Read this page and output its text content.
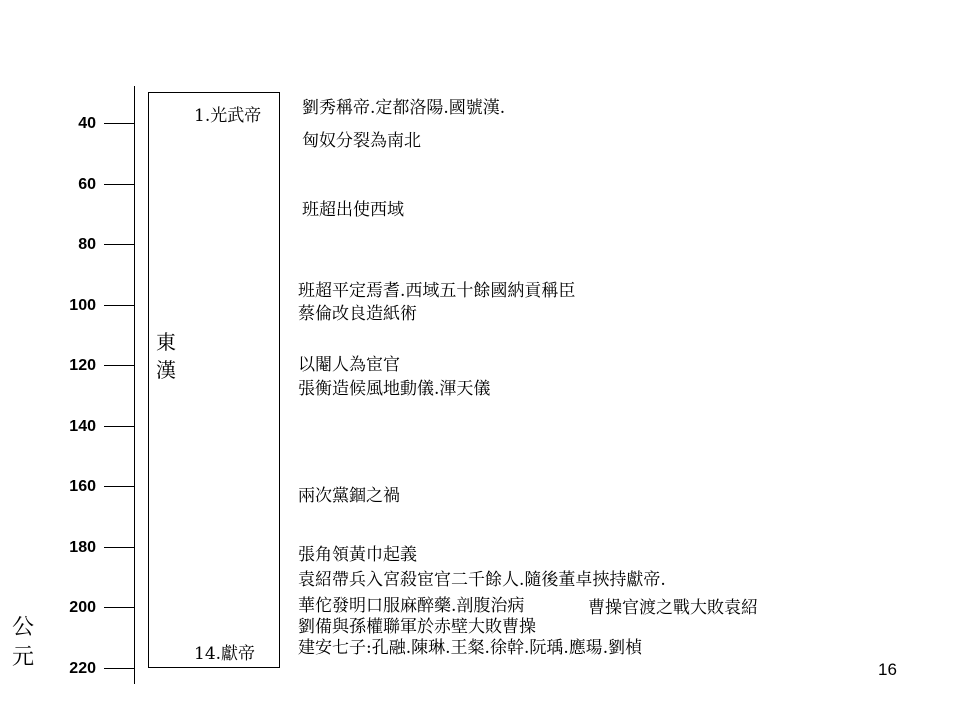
40
60
80
100
120
140
160
180
200
220
公
元
1.光武帝
14.獻帝
東
漢
劉秀稱帝.定都洛陽.國號漢.
匈奴分裂為南北
班超出使西域
班超平定焉耆.西域五十餘國納貢稱臣
蔡倫改良造紙術
以閹人為宦官
張衡造候風地動儀.渾天儀
兩次黨錮之禍
張角領黃巾起義
袁紹帶兵入宮殺宦官二千餘人.隨後董卓挾持獻帝.
華佗發明口服麻醉藥.剖腹治病	曹操官渡之戰大敗袁紹
劉備與孫權聯軍於赤壁大敗曹操
建安七子:孔融.陳琳.王粲.徐幹.阮瑀.應瑒.劉楨
16
